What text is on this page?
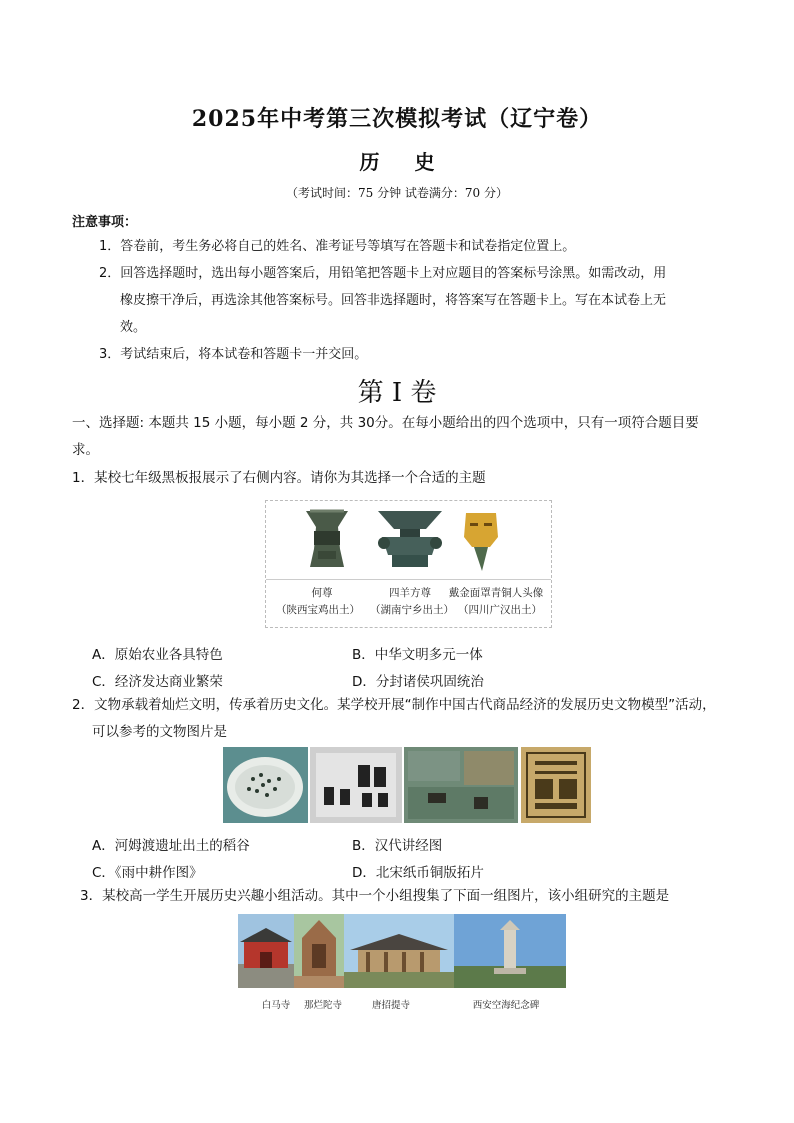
2025年中考第三次模拟考试（辽宁卷）
历 史
（考试时间：75 分钟 试卷满分：70 分）
注意事项：
1．答卷前，考生务必将自己的姓名、准考证号等填写在答题卡和试卷指定位置上。
2．回答选择题时，选出每小题答案后，用铅笔把答题卡上对应题目的答案标号涂黑。如需改动，用
橡皮擦干净后，再选涂其他答案标号。回答非选择题时，将答案写在答题卡上。写在本试卷上无
效。
3．考试结束后，将本试卷和答题卡一并交回。
第 I 卷
一、选择题: 本题共 15 小题，每小题 2 分，共 30分。在每小题给出的四个选项中，只有一项符合题目要
求。
1．某校七年级黑板报展示了右侧内容。请你为其选择一个合适的主题
何尊	四羊方尊	戴金面罩青铜人头像
（陕西宝鸡出土） （湖南宁乡出土） （四川广汉出土）
A．原始农业各具特色	B．中华文明多元一体
C．经济发达商业繁荣	D．分封诸侯巩固统治
2．文物承载着灿烂文明，传承着历史文化。某学校开展“制作中国古代商品经济的发展历史文物模型”活动，
可以参考的文物图片是
A．河姆渡遗址出土的稻谷	B．汉代讲经图
C．《雨中耕作图》	D．北宋纸币铜版拓片
3．某校高一学生开展历史兴趣小组活动。其中一个小组搜集了下面一组图片，该小组研究的主题是
白马寺	那烂陀寺	唐招提寺	西安空海纪念碑
